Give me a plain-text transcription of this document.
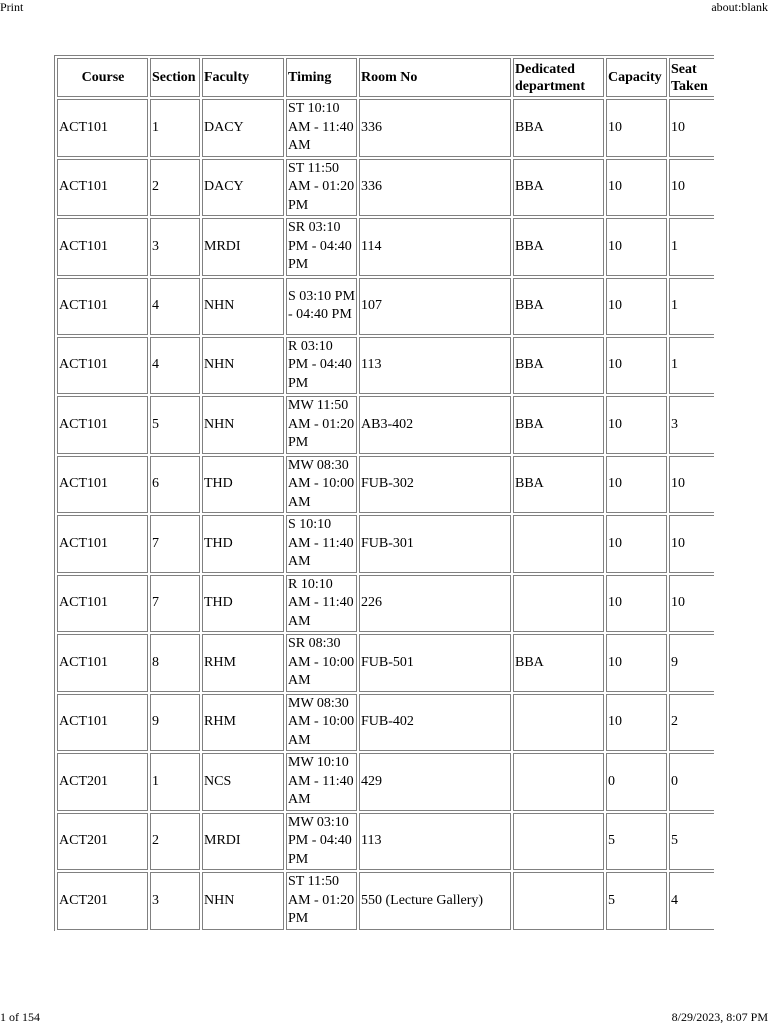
Print	about:blank
Course	Section	Faculty	Timing	Room No	Dedicated department	Capacity	Seat Taken
ACT101	1	DACY	ST 10:10 AM - 11:40 AM	336	BBA	10	10
ACT101	2	DACY	ST 11:50 AM - 01:20 PM	336	BBA	10	10
ACT101	3	MRDI	SR 03:10 PM - 04:40 PM	114	BBA	10	1
ACT101	4	NHN	S 03:10 PM - 04:40 PM	107	BBA	10	1
ACT101	4	NHN	R 03:10 PM - 04:40 PM	113	BBA	10	1
ACT101	5	NHN	MW 11:50 AM - 01:20 PM	AB3-402	BBA	10	3
ACT101	6	THD	MW 08:30 AM - 10:00 AM	FUB-302	BBA	10	10
ACT101	7	THD	S 10:10 AM - 11:40 AM	FUB-301		10	10
ACT101	7	THD	R 10:10 AM - 11:40 AM	226		10	10
ACT101	8	RHM	SR 08:30 AM - 10:00 AM	FUB-501	BBA	10	9
ACT101	9	RHM	MW 08:30 AM - 10:00 AM	FUB-402		10	2
ACT201	1	NCS	MW 10:10 AM - 11:40 AM	429		0	0
ACT201	2	MRDI	MW 03:10 PM - 04:40 PM	113		5	5
ACT201	3	NHN	ST 11:50 AM - 01:20 PM	550 (Lecture Gallery)		5	4
1 of 154	8/29/2023, 8:07 PM
